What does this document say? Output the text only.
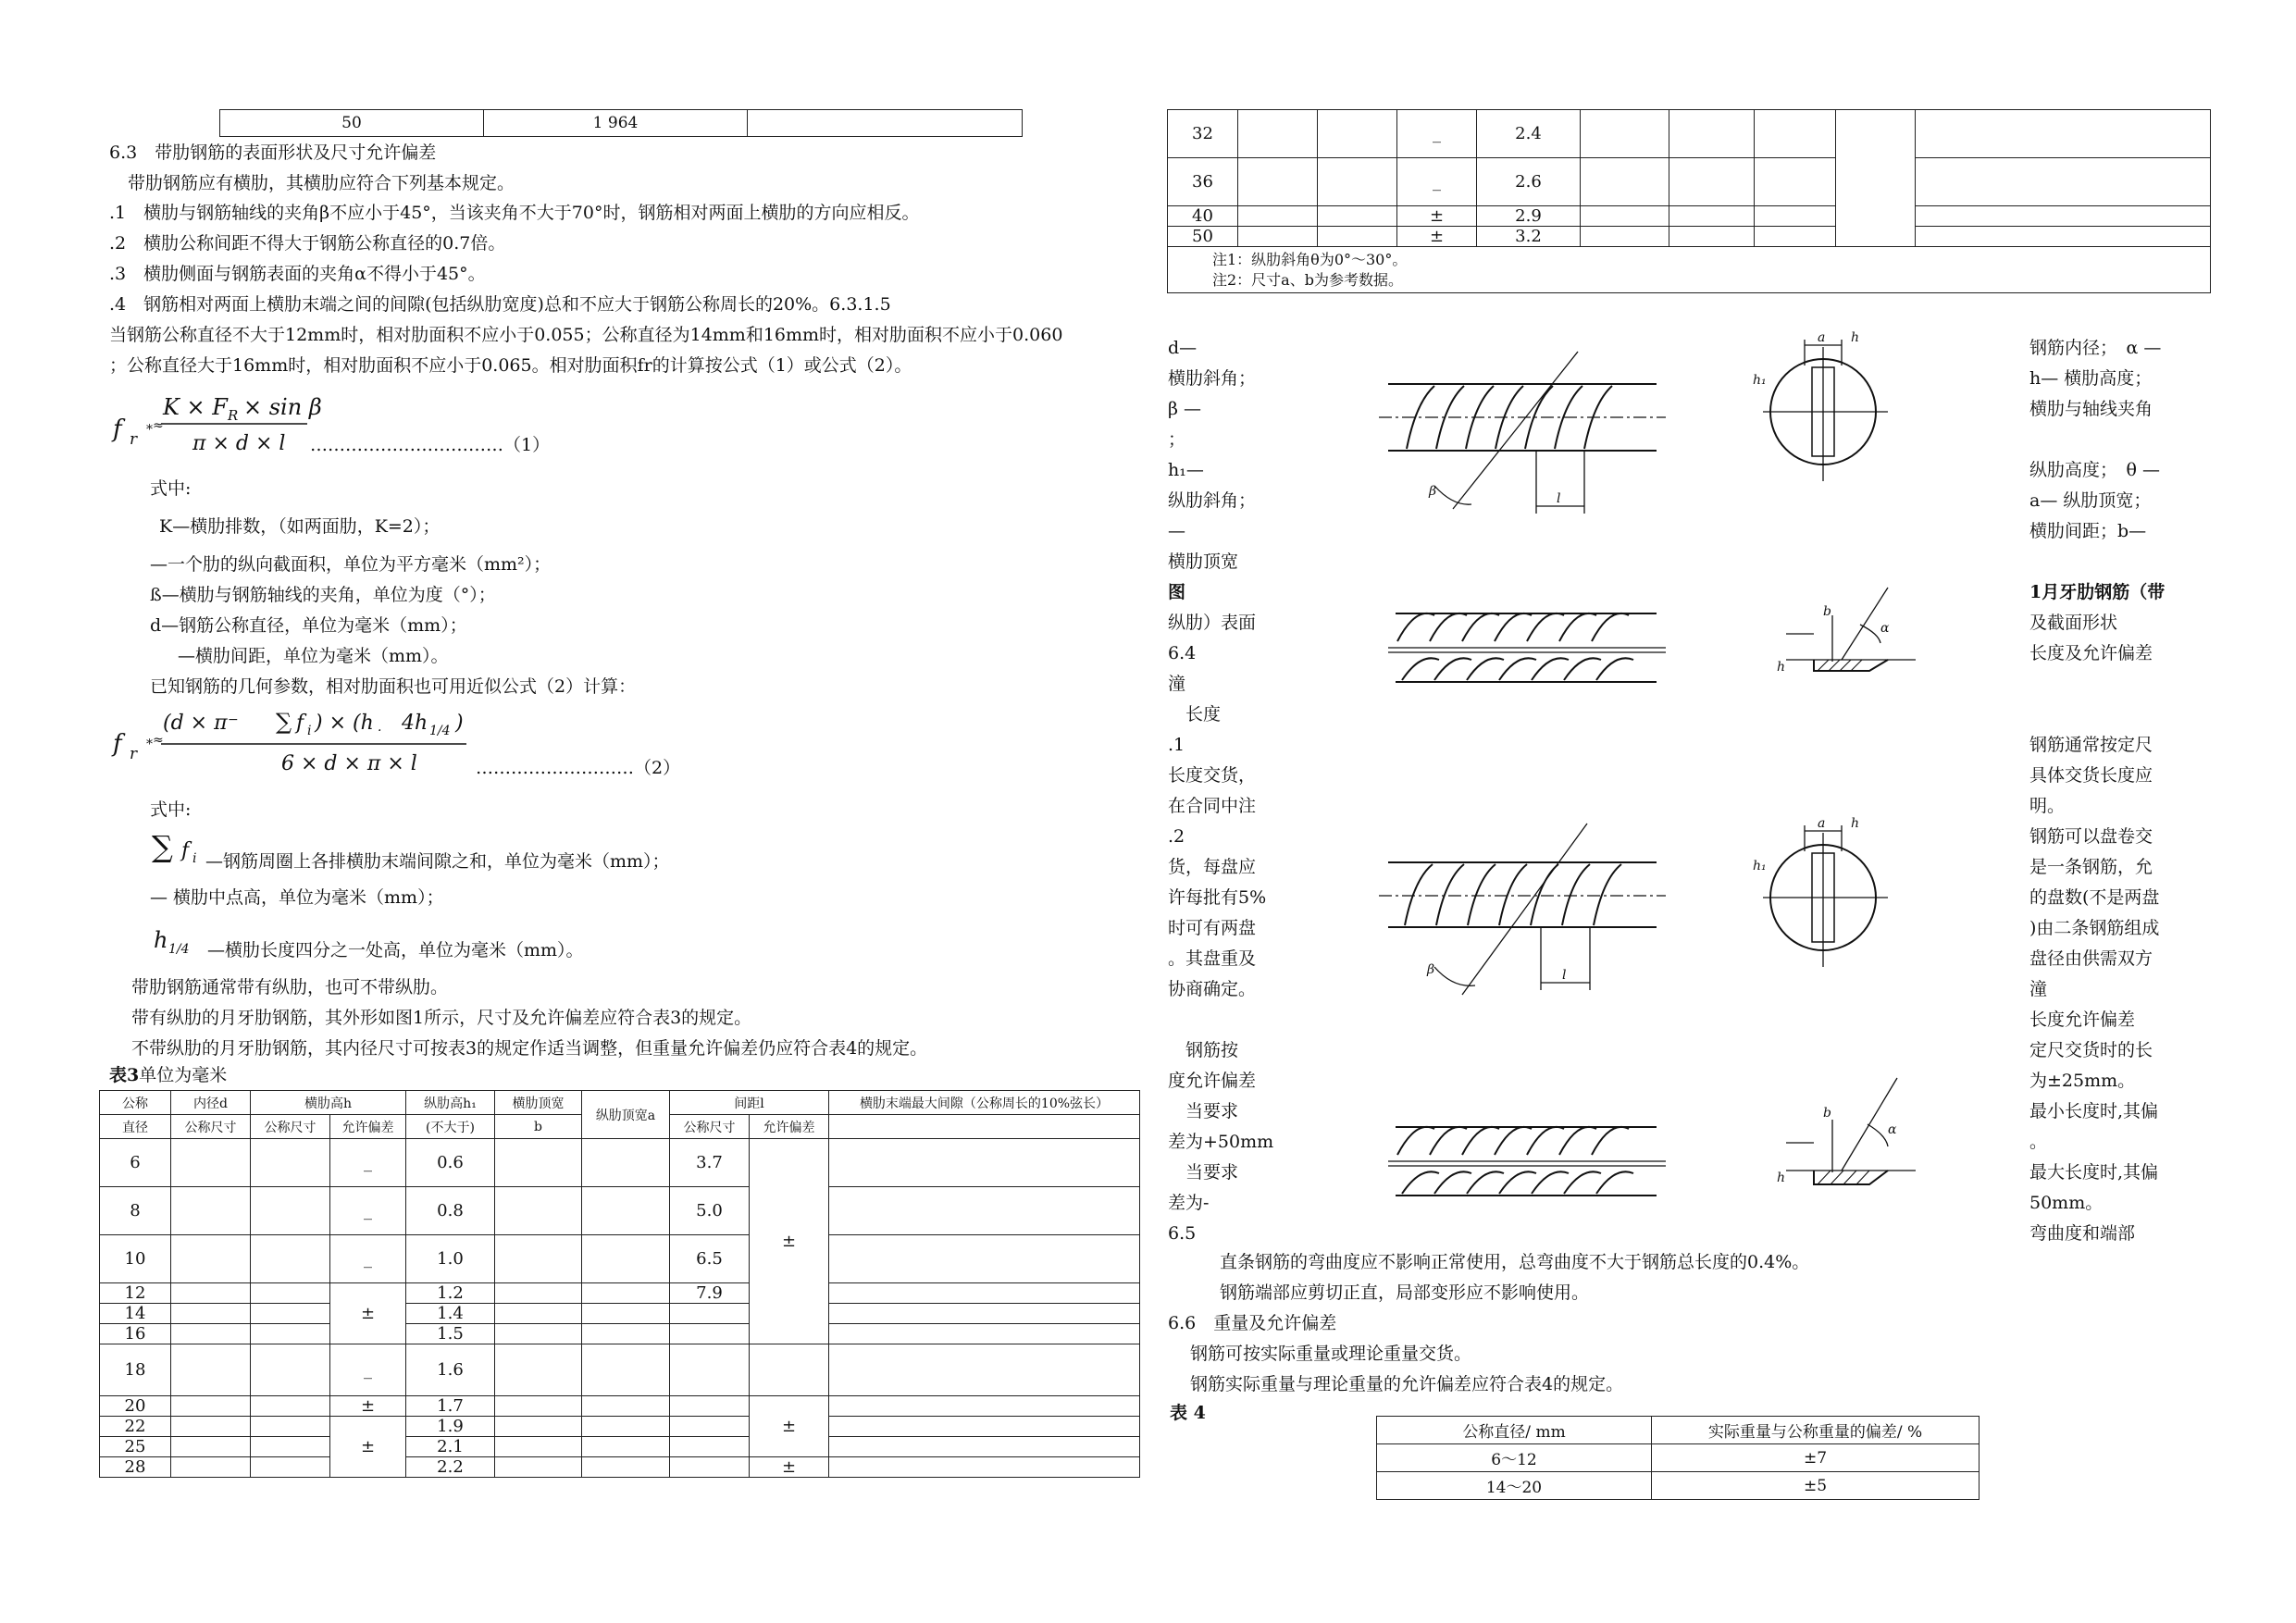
50	1 964	
6.3　带肋钢筋的表面形状及尺寸允许偏差
带肋钢筋应有横肋，其横肋应符合下列基本规定。
.1　横肋与钢筋轴线的夹角β不应小于45°，当该夹角不大于70°时，钢筋相对两面上横肋的方向应相反。
.2　横肋公称间距不得大于钢筋公称直径的0.7倍。
.3　横肋侧面与钢筋表面的夹角α不得小于45°。
.4　钢筋相对两面上横肋末端之间的间隙(包括纵肋宽度)总和不应大于钢筋公称周长的20%。6.3.1.5
当钢筋公称直径不大于12mm时，相对肋面积不应小于0.055；公称直径为14mm和16mm时，相对肋面积不应小于0.060
；公称直径大于16mm时，相对肋面积不应小于0.065。相对肋面积fr的计算按公式（1）或公式（2）。
f r
⁎≈
K × F R × sin β
π × d × l ……………………………（1）
式中:
K—横肋排数，（如两面肋，K=2）；
—一个肋的纵向截面积，单位为平方毫米（mm²）；
ß—横肋与钢筋轴线的夹角，单位为度（°）；
d—钢筋公称直径，单位为毫米（mm）；
—横肋间距，单位为毫米（mm）。
已知钢筋的几何参数，相对肋面积也可用近似公式（2）计算：
f r
⁎≈
(d × π − ∑ f i ) × (h · 4h 1/4 )
6 × d × π × l	………………………（2）
式中:
∑ f i —钢筋周圈上各排横肋末端间隙之和，单位为毫米（mm）；
— 横肋中点高，单位为毫米（mm）；
h 1/4 —横肋长度四分之一处高，单位为毫米（mm）。
带肋钢筋通常带有纵肋，也可不带纵肋。
带有纵肋的月牙肋钢筋，其外形如图1所示，尺寸及允许偏差应符合表3的规定。
不带纵肋的月牙肋钢筋，其内径尺寸可按表3的规定作适当调整，但重量允许偏差仍应符合表4的规定。
表3单位为毫米
公称	内径d	横肋高h		纵肋高h₁	横肋顶宽	纵肋顶宽a	间距l		横肋末端最大间隙（公称周长的10%弦长）
直径	公称尺寸	公称尺寸	允许偏差	(不大于)	b		公称尺寸	允许偏差	
6			_	0.6			3.7	±	
8			_	0.8			5.0		
10			_	1.0			6.5		
12			±	1.2			7.9		
14				1.4					
16				1.5					
18			_	1.6					
20			±	1.7				±	
22			±	1.9					
25				2.1					
28				2.2				±	
32			_	2.4					
36			_	2.6					
40			±	2.9					
50			±	3.2					

注1：纵肋斜角θ为0°～30°。
注2：尺寸a、b为参考数据。									
d—
横肋斜角；
β —
；
h₁—
纵肋斜角；
—
横肋顶宽
图
纵肋）表面
6.4
潼
　长度
.1
长度交货，
在合同中注
.2
货，每盘应
许每批有5%
时可有两盘
。其盘重及
协商确定。
　钢筋按
度允许偏差
　当要求
差为+50mm
　当要求
差为-
6.5
钢筋内径；　α —
h— 横肋高度；
横肋与轴线夹角
纵肋高度；　θ —
a— 纵肋顶宽；
横肋间距；b—
1月牙肋钢筋（带
及截面形状
长度及允许偏差
钢筋通常按定尺
具体交货长度应
明。
钢筋可以盘卷交
是一条钢筋，允
的盘数(不是两盘
)由二条钢筋组成
盘径由供需双方
潼
长度允许偏差
定尺交货时的长
为±25mm。
最小长度时,其偏
。
最大长度时,其偏
50mm。
弯曲度和端部
l
β
a h
h₁
b
α
h
l
β
a h
h₁
b
α
h
直条钢筋的弯曲度应不影响正常使用，总弯曲度不大于钢筋总长度的0.4%。
钢筋端部应剪切正直，局部变形应不影响使用。
6.6　重量及允许偏差
钢筋可按实际重量或理论重量交货。
钢筋实际重量与理论重量的允许偏差应符合表4的规定。
表 4
公称直径/ mm	实际重量与公称重量的偏差/ %
6～12	±7
14～20	±5
